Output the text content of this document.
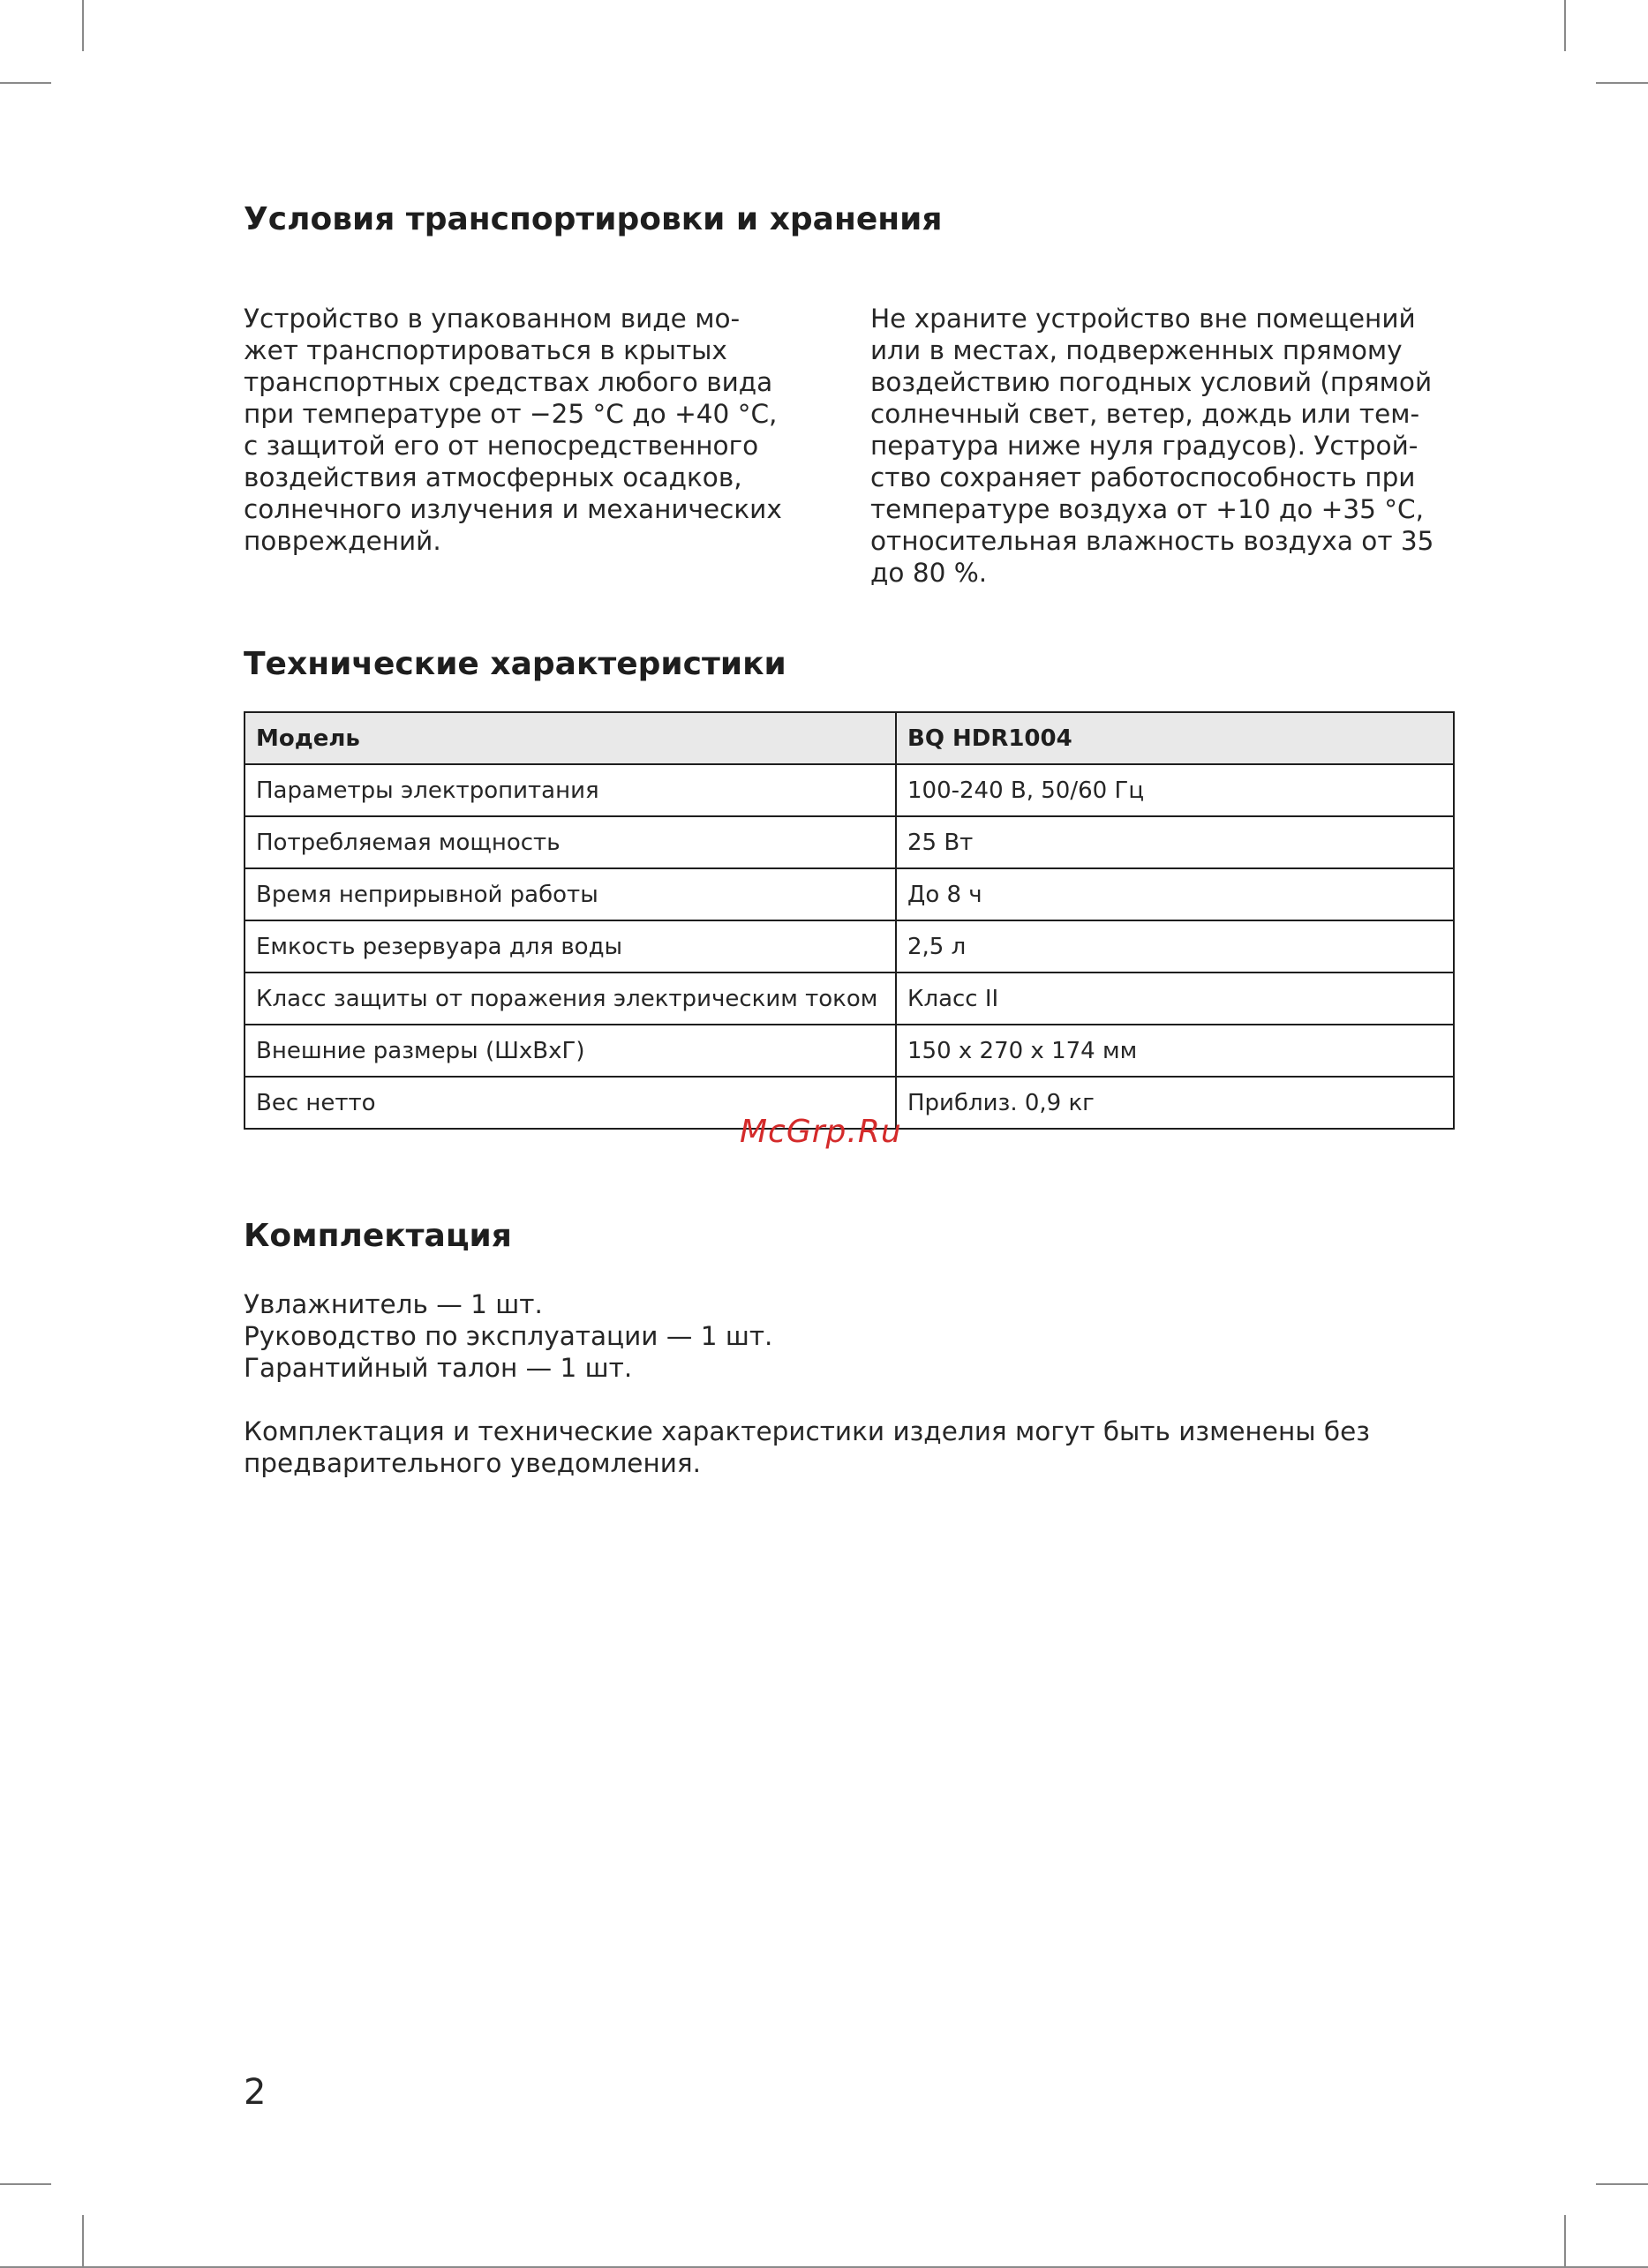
Условия транспортировки и хранения

Устройство в упакованном виде мо-
жет транспортироваться в крытых
транспортных средствах любого вида
при температуре от −25 °C до +40 °C,
с защитой его от непосредственного
воздействия атмосферных осадков,
солнечного излучения и механических
повреждений.

Не храните устройство вне помещений
или в местах, подверженных прямому
воздействию погодных условий (прямой
солнечный свет, ветер, дождь или тем-
пература ниже нуля градусов). Устрой-
ство сохраняет работоспособность при
температуре воздуха от +10 до +35 °C,
относительная влажность воздуха от 35
до 80 %.

Технические характеристики
Модель	BQ HDR1004
Параметры электропитания	100-240 В, 50/60 Гц
Потребляемая мощность	25 Вт
Время неприрывной работы	До 8 ч
Емкость резервуара для воды	2,5 л
Класс защиты от поражения электрическим током	Класс II
Внешние размеры (ШхВхГ)	150 x 270 x 174 мм
Вес нетто	Приблиз. 0,9 кг
McGrp.Ru
Комплектация
Увлажнитель — 1 шт.
Руководство по эксплуатации — 1 шт.
Гарантийный талон — 1 шт.
Комплектация и технические характеристики изделия могут быть изменены без
предварительного уведомления.
2
